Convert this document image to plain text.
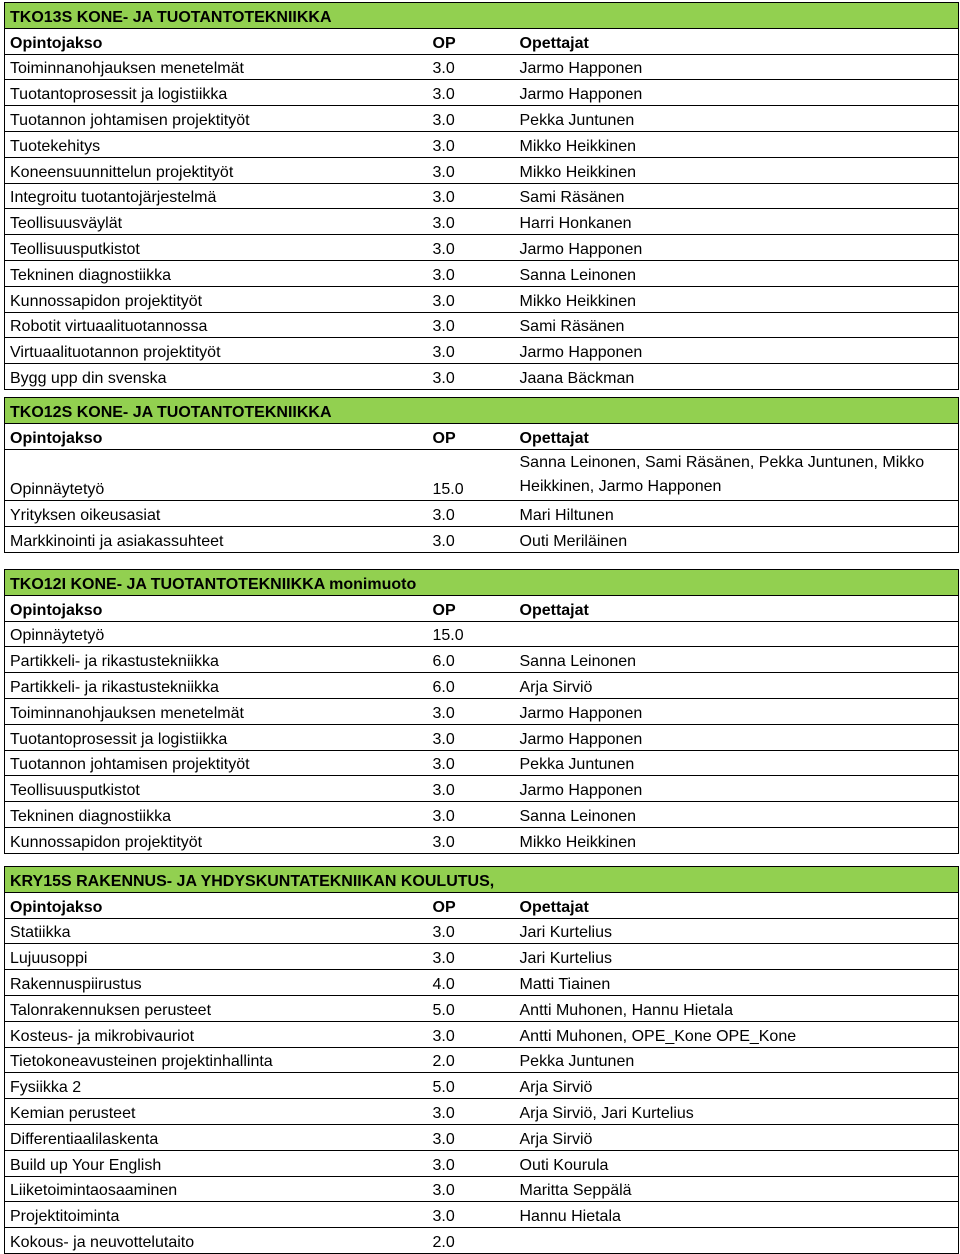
TKO13S KONE- JA TUOTANTOTEKNIIKKA		
Opintojakso	OP	Opettajat
Toiminnanohjauksen menetelmät	3.0	Jarmo Happonen
Tuotantoprosessit ja logistiikka	3.0	Jarmo Happonen
Tuotannon johtamisen projektityöt	3.0	Pekka Juntunen
Tuotekehitys	3.0	Mikko Heikkinen
Koneensuunnittelun projektityöt	3.0	Mikko Heikkinen
Integroitu tuotantojärjestelmä	3.0	Sami Räsänen
Teollisuusväylät	3.0	Harri Honkanen
Teollisuusputkistot	3.0	Jarmo Happonen
Tekninen diagnostiikka	3.0	Sanna Leinonen
Kunnossapidon projektityöt	3.0	Mikko Heikkinen
Robotit virtuaalituotannossa	3.0	Sami Räsänen
Virtuaalituotannon projektityöt	3.0	Jarmo Happonen
Bygg upp din svenska	3.0	Jaana Bäckman
TKO12S KONE- JA TUOTANTOTEKNIIKKA		
Opintojakso	OP	Opettajat
Opinnäytetyö	15.0	Sanna Leinonen, Sami Räsänen, Pekka Juntunen, Mikko Heikkinen, Jarmo Happonen
Yrityksen oikeusasiat	3.0	Mari Hiltunen
Markkinointi ja asiakassuhteet	3.0	Outi Meriläinen
TKO12I KONE- JA TUOTANTOTEKNIIKKA monimuoto		
Opintojakso	OP	Opettajat
Opinnäytetyö	15.0	
Partikkeli- ja rikastustekniikka	6.0	Sanna Leinonen
Partikkeli- ja rikastustekniikka	6.0	Arja Sirviö
Toiminnanohjauksen menetelmät	3.0	Jarmo Happonen
Tuotantoprosessit ja logistiikka	3.0	Jarmo Happonen
Tuotannon johtamisen projektityöt	3.0	Pekka Juntunen
Teollisuusputkistot	3.0	Jarmo Happonen
Tekninen diagnostiikka	3.0	Sanna Leinonen
Kunnossapidon projektityöt	3.0	Mikko Heikkinen
KRY15S RAKENNUS- JA YHDYSKUNTATEKNIIKAN KOULUTUS,		
Opintojakso	OP	Opettajat
Statiikka	3.0	Jari Kurtelius
Lujuusoppi	3.0	Jari Kurtelius
Rakennuspiirustus	4.0	Matti Tiainen
Talonrakennuksen perusteet	5.0	Antti Muhonen, Hannu Hietala
Kosteus- ja mikrobivauriot	3.0	Antti Muhonen, OPE_Kone OPE_Kone
Tietokoneavusteinen projektinhallinta	2.0	Pekka Juntunen
Fysiikka 2	5.0	Arja Sirviö
Kemian perusteet	3.0	Arja Sirviö, Jari Kurtelius
Differentiaalilaskenta	3.0	Arja Sirviö
Build up Your English	3.0	Outi Kourula
Liiketoimintaosaaminen	3.0	Maritta Seppälä
Projektitoiminta	3.0	Hannu Hietala
Kokous- ja neuvottelutaito	2.0	
